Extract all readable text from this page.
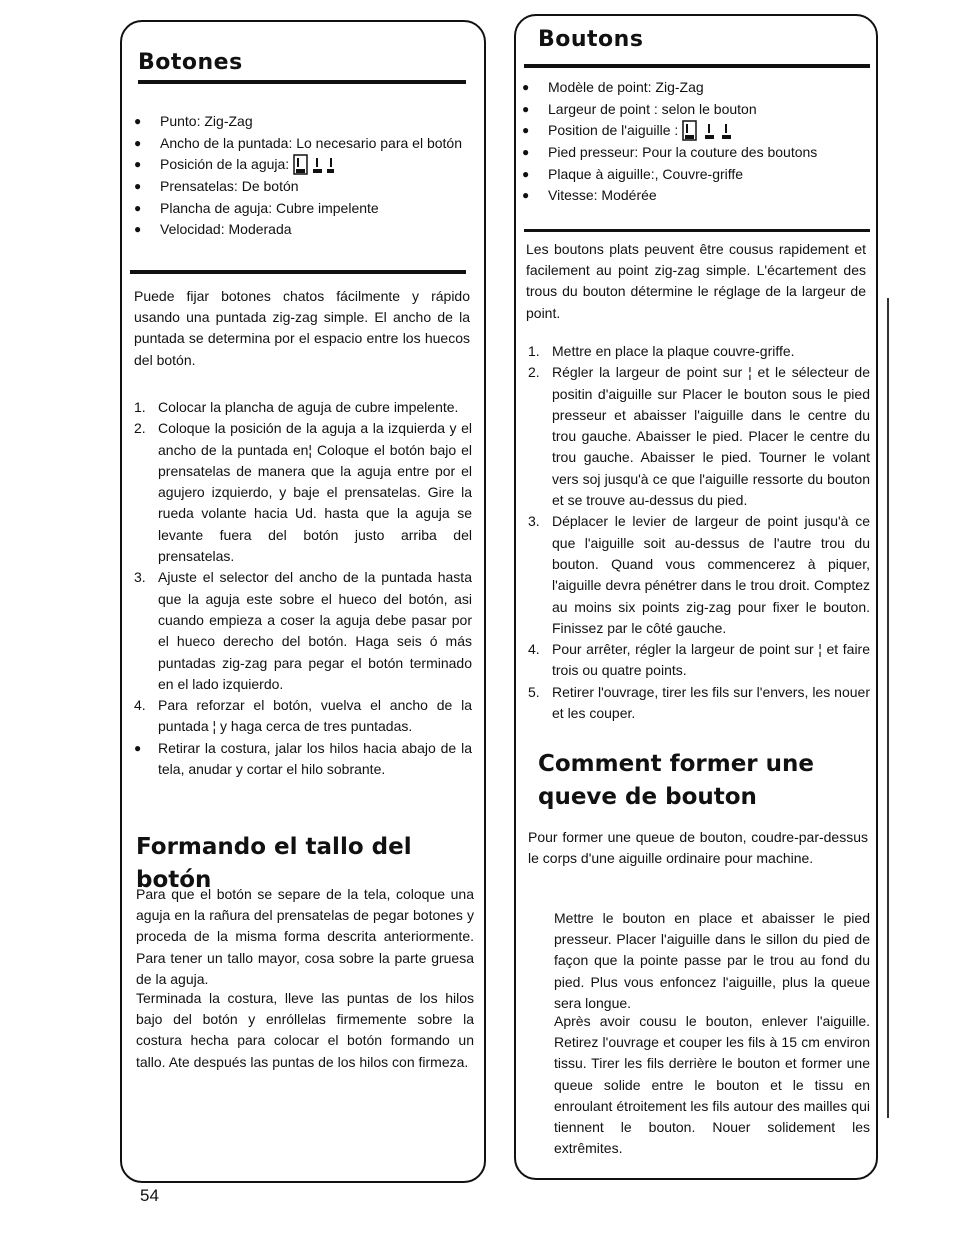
Botones
● Punto: Zig-Zag
● Ancho de la puntada: Lo necesario para el botón
● Posición de la aguja:
● Prensatelas: De botón
● Plancha de aguja: Cubre impelente
● Velocidad: Moderada

Puede fijar botones chatos fácilmente y rápido usando una puntada zig-zag simple. El ancho de la puntada se determina por el espacio entre los huecos del botón.

1. Colocar la plancha de aguja de cubre impelente.
2. Coloque la posición de la aguja a la izquierda y el ancho de la puntada en¦ Coloque el botón bajo el prensatelas de manera que la aguja entre por el agujero izquierdo, y baje el prensatelas. Gire la rueda volante hacia Ud. hasta que la aguja se levante fuera del botón justo arriba del prensatelas.
3. Ajuste el selector del ancho de la puntada hasta que la aguja este sobre el hueco del botón, asi cuando empieza a coser la aguja debe pasar por el hueco derecho del botón. Haga seis ó más puntadas zig-zag para pegar el botón terminado en el lado izquierdo.
4. Para reforzar el botón, vuelva el ancho de la puntada ¦ y haga cerca de tres puntadas.
● Retirar la costura, jalar los hilos hacia abajo de la tela, anudar y cortar el hilo sobrante.
Formando el tallo del botón

Para que el botón se separe de la tela, coloque una aguja en la rañura del prensatelas de pegar botones y proceda de la misma forma descrita anteriormente. Para tener un tallo mayor, cosa sobre la parte gruesa de la aguja.

Terminada la costura, lleve las puntas de los hilos bajo del botón y enróllelas firmemente sobre la costura hecha para colocar el botón formando un tallo. Ate después las puntas de los hilos con firmeza.

54
Boutons
● Modèle de point: Zig-Zag
● Largeur de point : selon le bouton
● Position de l'aiguille :
● Pied presseur: Pour la couture des boutons
● Plaque à aiguille:, Couvre-griffe
● Vitesse: Modérée

Les boutons plats peuvent être cousus rapidement et facilement au point zig-zag simple. L'écartement des trous du bouton détermine le réglage de la largeur de point.

1. Mettre en place la plaque couvre-griffe.
2. Régler la largeur de point sur ¦ et le sélecteur de positin d'aiguille sur Placer le bouton sous le pied presseur et abaisser l'aiguille dans le centre du trou gauche. Abaisser le pied. Placer le centre du trou gauche. Abaisser le pied. Tourner le volant vers soj jusqu'à ce que l'aiguille ressorte du bouton et se trouve au-dessus du pied.
3. Déplacer le levier de largeur de point jusqu'à ce que l'aiguille soit au-dessus de l'autre trou du bouton. Quand vous commencerez à piquer, l'aiguille devra pénétrer dans le trou droit. Comptez au moins six points zig-zag pour fixer le bouton. Finissez par le côté gauche.
4. Pour arrêter, régler la largeur de point sur ¦ et faire trois ou quatre points.
5. Retirer l'ouvrage, tirer les fils sur l'envers, les nouer et les couper.
Comment former une queve de bouton

Pour former une queue de bouton, coudre-par-dessus le corps d'une aiguille ordinaire pour machine.

Mettre le bouton en place et abaisser le pied presseur. Placer l'aiguille dans le sillon du pied de façon que la pointe passe par le trou au fond du pied. Plus vous enfoncez l'aiguille, plus la queue sera longue.

Après avoir cousu le bouton, enlever l'aiguille. Retirez l'ouvrage et couper les fils à 15 cm environ tissu. Tirer les fils derrière le bouton et former une queue solide entre le bouton et le tissu en enroulant étroitement les fils autour des mailles qui tiennent le bouton. Nouer solidement les extrêmites.
